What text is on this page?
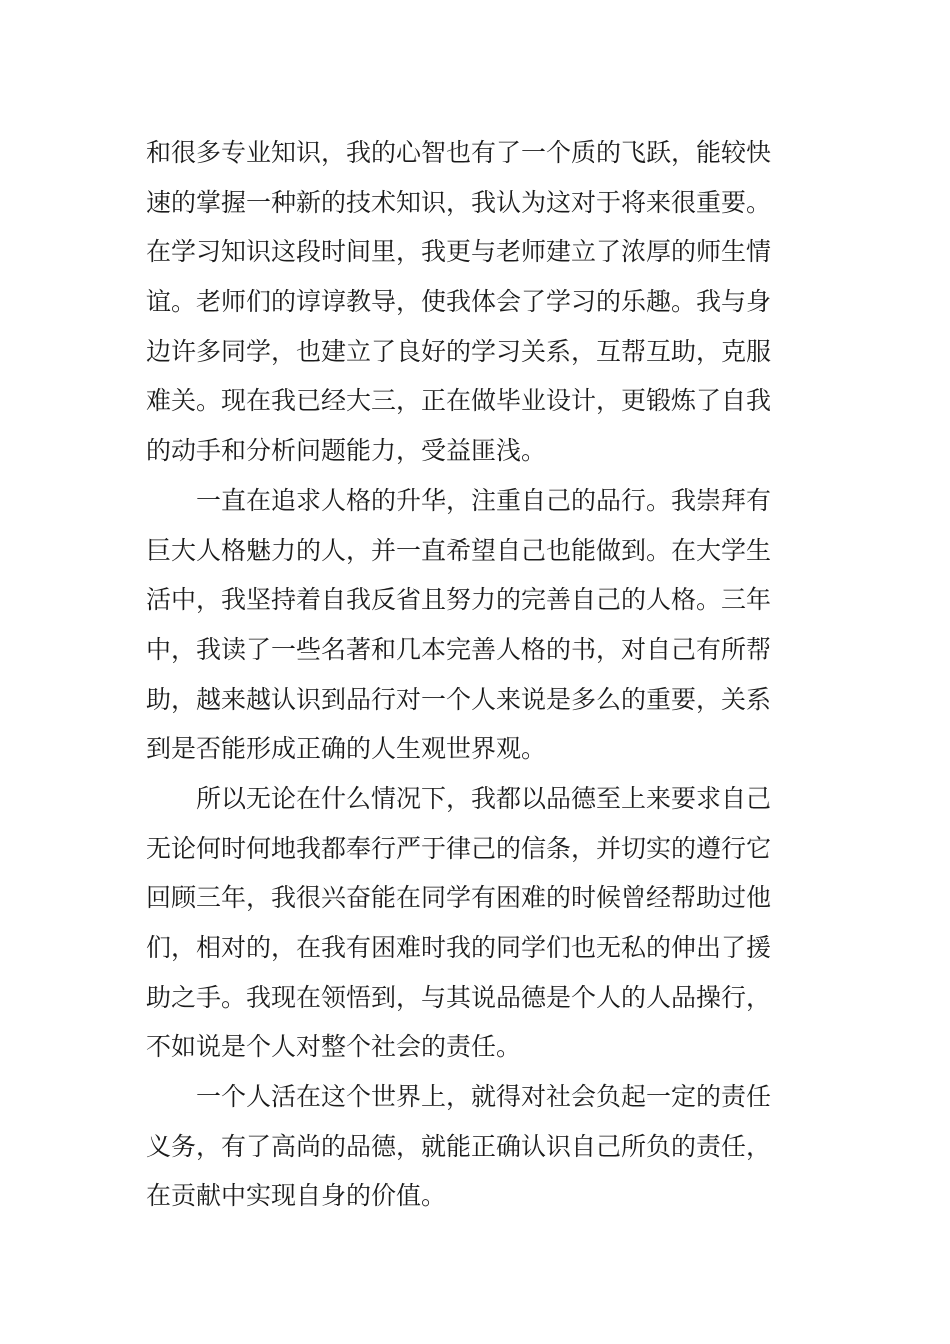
和很多专业知识，我的心智也有了一个质的飞跃，能较快
速的掌握一种新的技术知识，我认为这对于将来很重要。
在学习知识这段时间里，我更与老师建立了浓厚的师生情
谊。老师们的谆谆教导，使我体会了学习的乐趣。我与身
边许多同学，也建立了良好的学习关系，互帮互助，克服
难关。现在我已经大三，正在做毕业设计，更锻炼了自我
的动手和分析问题能力，受益匪浅。
一直在追求人格的升华，注重自己的品行。我崇拜有
巨大人格魅力的人，并一直希望自己也能做到。在大学生
活中，我坚持着自我反省且努力的完善自己的人格。三年
中，我读了一些名著和几本完善人格的书，对自己有所帮
助，越来越认识到品行对一个人来说是多么的重要，关系
到是否能形成正确的人生观世界观。
所以无论在什么情况下，我都以品德至上来要求自己
无论何时何地我都奉行严于律己的信条，并切实的遵行它
回顾三年，我很兴奋能在同学有困难的时候曾经帮助过他
们，相对的，在我有困难时我的同学们也无私的伸出了援
助之手。我现在领悟到，与其说品德是个人的人品操行，
不如说是个人对整个社会的责任。
一个人活在这个世界上，就得对社会负起一定的责任
义务，有了高尚的品德，就能正确认识自己所负的责任，
在贡献中实现自身的价值。
